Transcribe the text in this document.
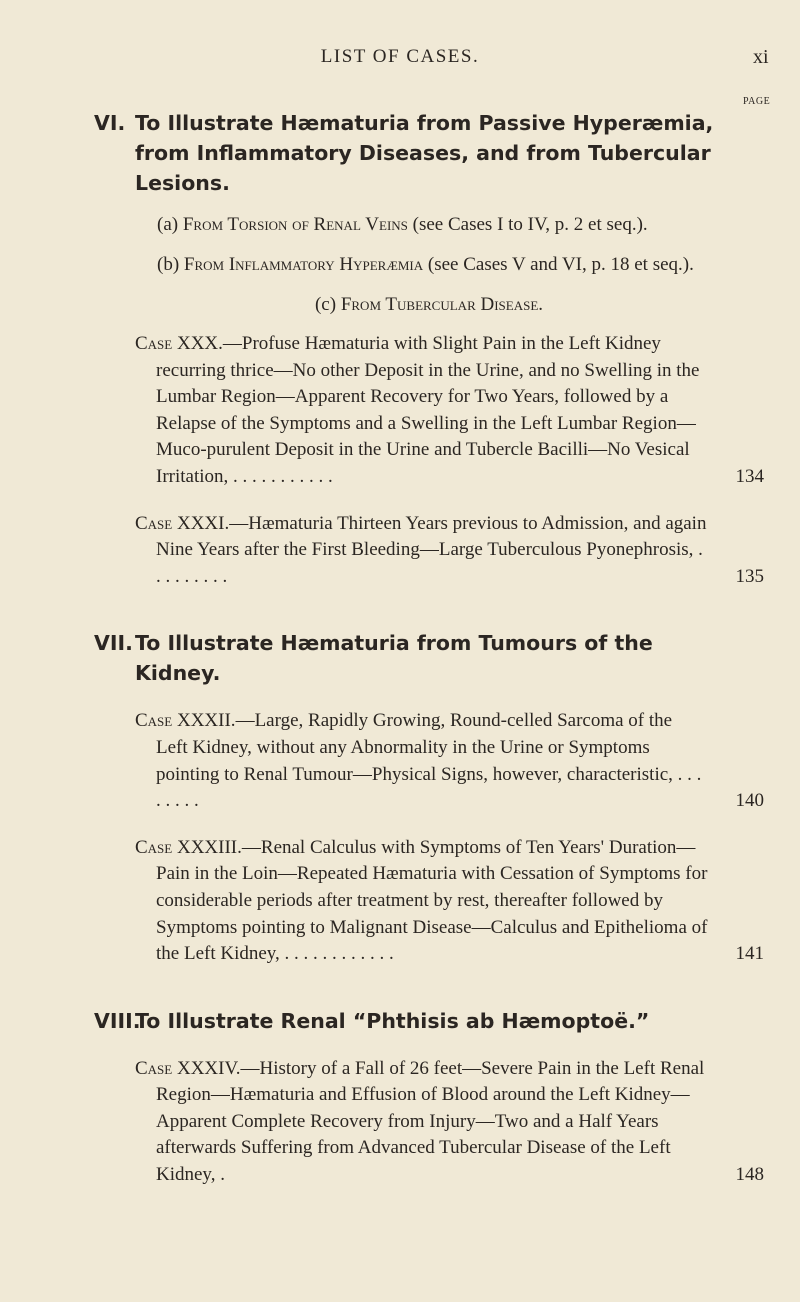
LIST OF CASES.	xi
PAGE
VI. To Illustrate Hæmaturia from Passive Hyperæmia, from Inflammatory Diseases, and from Tubercular Lesions.
(a) From Torsion of Renal Veins (see Cases I to IV, p. 2 et seq.).
(b) From Inflammatory Hyperæmia (see Cases V and VI, p. 18 et seq.).
(c) From Tubercular Disease.
Case XXX.—Profuse Hæmaturia with Slight Pain in the Left Kidney recurring thrice—No other Deposit in the Urine, and no Swelling in the Lumbar Region—Apparent Recovery for Two Years, followed by a Relapse of the Symptoms and a Swelling in the Left Lumbar Region—Muco-purulent Deposit in the Urine and Tubercle Bacilli—No Vesical Irritation, . . . . . . . . . . .	134
Case XXXI.—Hæmaturia Thirteen Years previous to Admission, and again Nine Years after the First Bleeding—Large Tuberculous Pyonephrosis, . . . . . . . . .	135
VII. To Illustrate Hæmaturia from Tumours of the Kidney.
Case XXXII.—Large, Rapidly Growing, Round-celled Sarcoma of the Left Kidney, without any Abnormality in the Urine or Symptoms pointing to Renal Tumour—Physical Signs, however, characteristic, . . . . . . . .	140
Case XXXIII.—Renal Calculus with Symptoms of Ten Years' Duration—Pain in the Loin—Repeated Hæmaturia with Cessation of Symptoms for considerable periods after treatment by rest, thereafter followed by Symptoms pointing to Malignant Disease—Calculus and Epithelioma of the Left Kidney, . . . . . . . . . . . .	141
VIII.
To Illustrate Renal “Phthisis ab Hæmoptoë.”
Case XXXIV.—History of a Fall of 26 feet—Severe Pain in the Left Renal Region—Hæmaturia and Effusion of Blood around the Left Kidney—Apparent Complete Recovery from Injury—Two and a Half Years afterwards Suffering from Advanced Tubercular Disease of the Left Kidney, .	148
